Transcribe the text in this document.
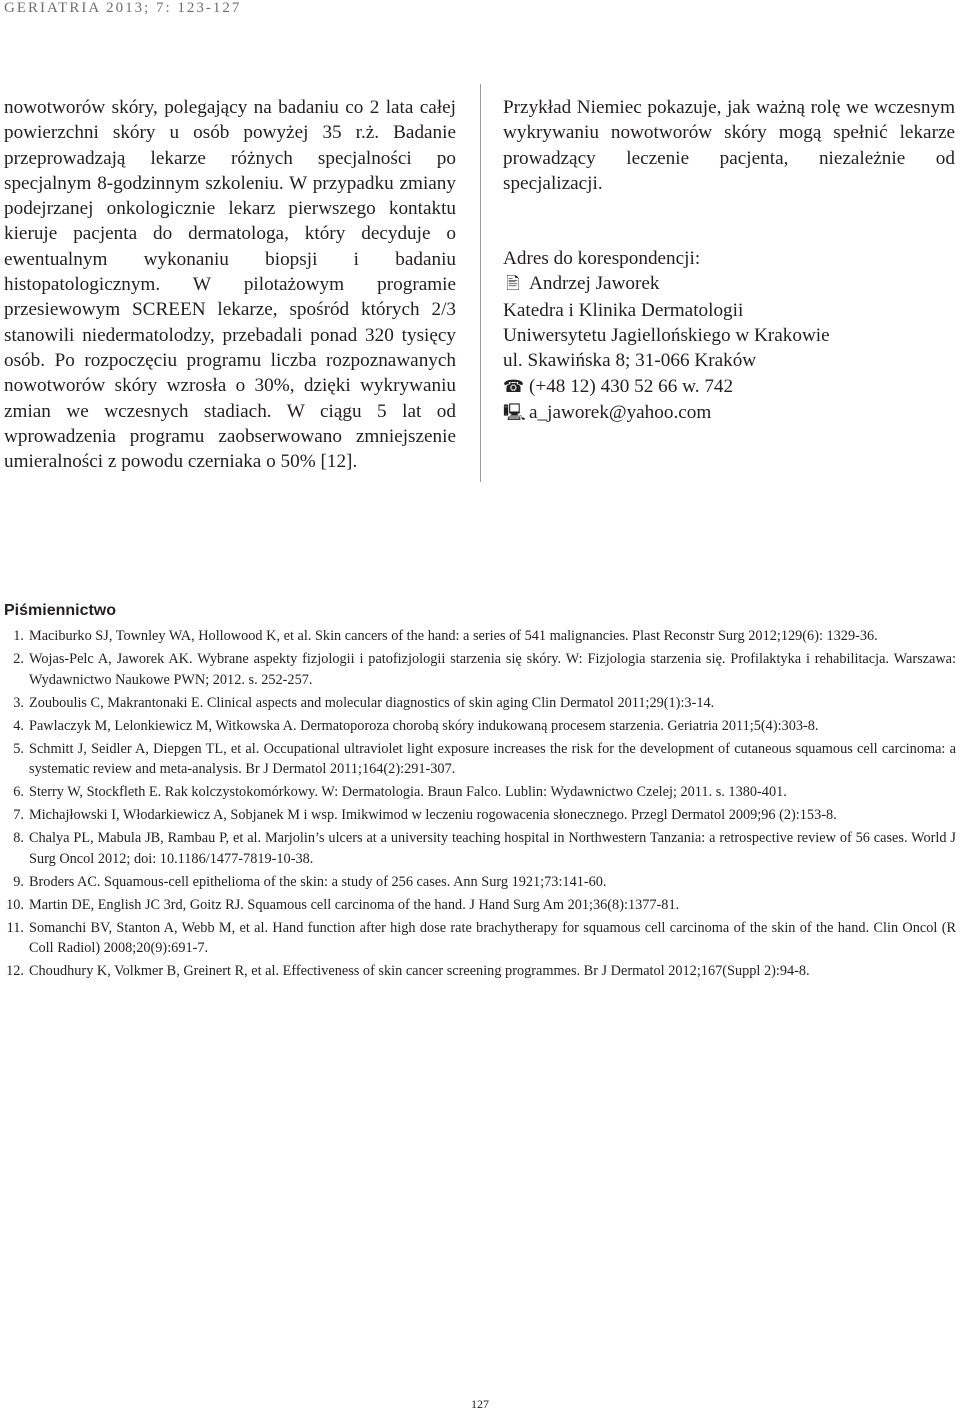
GERIATRIA 2013; 7: 123-127

nowotworów skóry, polegający na badaniu co 2 lata całej powierzchni skóry u osób powyżej 35 r.ż. Badanie przeprowadzają lekarze różnych specjalności po specjalnym 8-godzinnym szkoleniu. W przypadku zmiany podejrzanej onkologicznie lekarz pierwszego kontaktu kieruje pacjenta do dermatologa, który decyduje o ewentualnym wykonaniu biopsji i badaniu histopatologicznym. W pilotażowym programie przesiewowym SCREEN lekarze, spośród których 2/3 stanowili niedermatolodzy, przebadali ponad 320 tysięcy osób. Po rozpoczęciu programu liczba rozpoznawanych nowotworów skóry wzrosła o 30%, dzięki wykrywaniu zmian we wczesnych stadiach. W ciągu 5 lat od wprowadzenia programu zaobserwowano zmniejszenie umieralności z powodu czerniaka o 50% [12].

Przykład Niemiec pokazuje, jak ważną rolę we wczesnym wykrywaniu nowotworów skóry mogą spełnić lekarze prowadzący leczenie pacjenta, niezależnie od specjalizacji.

Adres do korespondencji:
🖹 Andrzej Jaworek
Katedra i Klinika Dermatologii
Uniwersytetu Jagiellońskiego w Krakowie
ul. Skawińska 8; 31-066 Kraków
☎ (+48 12) 430 52 66 w. 742
🖳 a_jaworek@yahoo.com
Piśmiennictwo
1. Maciburko SJ, Townley WA, Hollowood K, et al. Skin cancers of the hand: a series of 541 malignancies. Plast Reconstr Surg 2012;129(6): 1329-36.
2. Wojas-Pelc A, Jaworek AK. Wybrane aspekty fizjologii i patofizjologii starzenia się skóry. W: Fizjologia starzenia się. Profilaktyka i rehabilitacja. Warszawa: Wydawnictwo Naukowe PWN; 2012. s. 252-257.
3. Zouboulis C, Makrantonaki E. Clinical aspects and molecular diagnostics of skin aging Clin Dermatol 2011;29(1):3-14.
4. Pawlaczyk M, Lelonkiewicz M, Witkowska A. Dermatoporoza chorobą skóry indukowaną procesem starzenia. Geriatria 2011;5(4):303-8.
5. Schmitt J, Seidler A, Diepgen TL, et al. Occupational ultraviolet light exposure increases the risk for the development of cutaneous squamous cell carcinoma: a systematic review and meta-analysis. Br J Dermatol 2011;164(2):291-307.
6. Sterry W, Stockfleth E. Rak kolczystokomórkowy. W: Dermatologia. Braun Falco. Lublin: Wydawnictwo Czelej; 2011. s. 1380-401.
7. Michajłowski I, Włodarkiewicz A, Sobjanek M i wsp. Imikwimod w leczeniu rogowacenia słonecznego. Przegl Dermatol 2009;96 (2):153-8.
8. Chalya PL, Mabula JB, Rambau P, et al. Marjolin’s ulcers at a university teaching hospital in Northwestern Tanzania: a retrospective review of 56 cases. World J Surg Oncol 2012; doi: 10.1186/1477-7819-10-38.
9. Broders AC. Squamous-cell epithelioma of the skin: a study of 256 cases. Ann Surg 1921;73:141-60.
10. Martin DE, English JC 3rd, Goitz RJ. Squamous cell carcinoma of the hand. J Hand Surg Am 201;36(8):1377-81.
11. Somanchi BV, Stanton A, Webb M, et al. Hand function after high dose rate brachytherapy for squamous cell carcinoma of the skin of the hand. Clin Oncol (R Coll Radiol) 2008;20(9):691-7.
12. Choudhury K, Volkmer B, Greinert R, et al. Effectiveness of skin cancer screening programmes. Br J Dermatol 2012;167(Suppl 2):94-8.
127
